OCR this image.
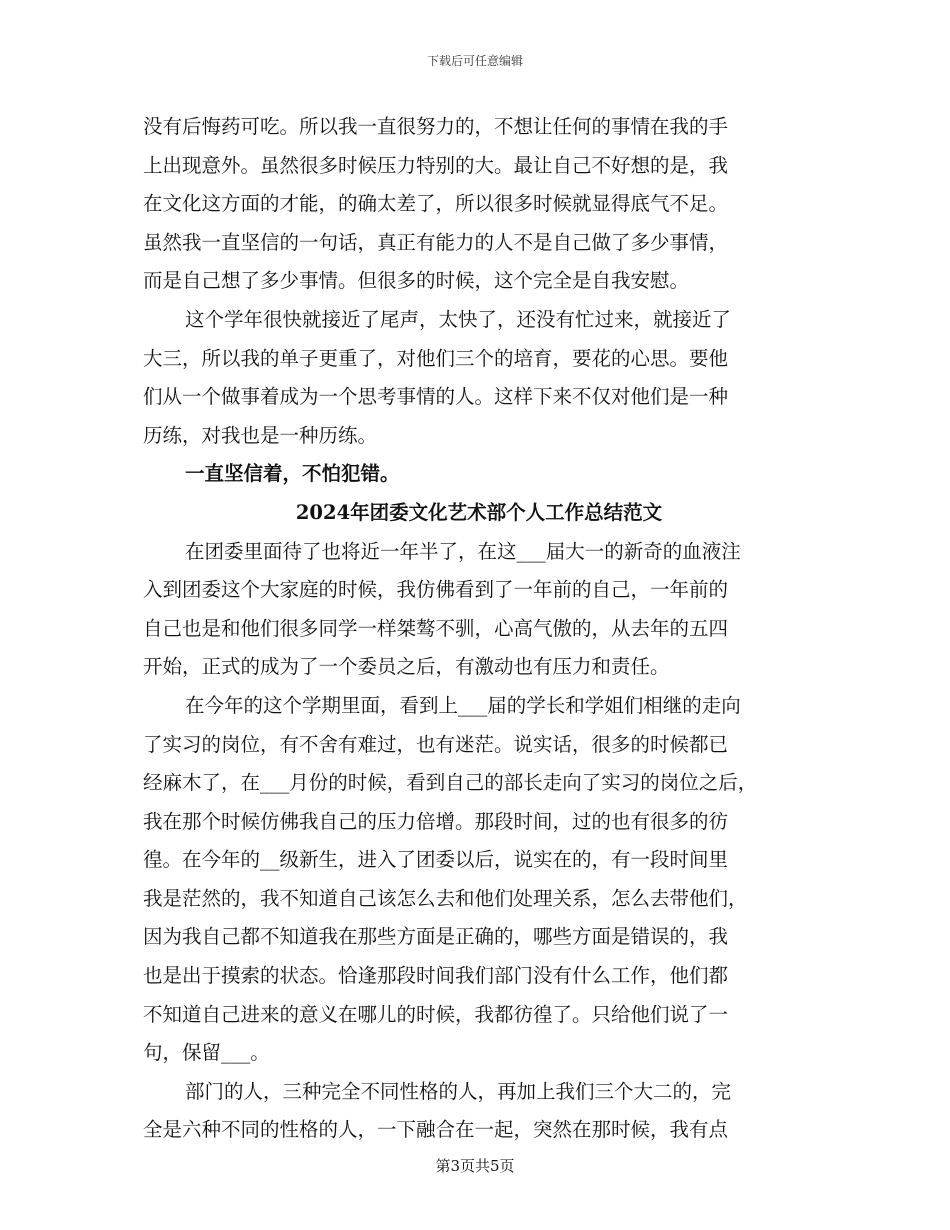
下载后可任意编辑
没有后悔药可吃。所以我一直很努力的，不想让任何的事情在我的手
上出现意外。虽然很多时候压力特别的大。最让自己不好想的是，我
在文化这方面的才能，的确太差了，所以很多时候就显得底气不足。
虽然我一直坚信的一句话，真正有能力的人不是自己做了多少事情，
而是自己想了多少事情。但很多的时候，这个完全是自我安慰。
这个学年很快就接近了尾声，太快了，还没有忙过来，就接近了
大三，所以我的单子更重了，对他们三个的培育，要花的心思。要他
们从一个做事着成为一个思考事情的人。这样下来不仅对他们是一种
历练，对我也是一种历练。
一直坚信着，不怕犯错。
2024年团委文化艺术部个人工作总结范文
在团委里面待了也将近一年半了，在这___届大一的新奇的血液注
入到团委这个大家庭的时候，我仿佛看到了一年前的自己，一年前的
自己也是和他们很多同学一样桀骜不驯，心高气傲的，从去年的五四
开始，正式的成为了一个委员之后，有激动也有压力和责任。
在今年的这个学期里面，看到上___届的学长和学姐们相继的走向
了实习的岗位，有不舍有难过，也有迷茫。说实话，很多的时候都已
经麻木了，在___月份的时候，看到自己的部长走向了实习的岗位之后，
我在那个时候仿佛我自己的压力倍增。那段时间，过的也有很多的彷
徨。在今年的__级新生，进入了团委以后，说实在的，有一段时间里
我是茫然的，我不知道自己该怎么去和他们处理关系，怎么去带他们，
因为我自己都不知道我在那些方面是正确的，哪些方面是错误的，我
也是出于摸索的状态。恰逢那段时间我们部门没有什么工作，他们都
不知道自己进来的意义在哪儿的时候，我都彷徨了。只给他们说了一
句，保留___。
部门的人，三种完全不同性格的人，再加上我们三个大二的，完
全是六种不同的性格的人，一下融合在一起，突然在那时候，我有点
第3页共5页
